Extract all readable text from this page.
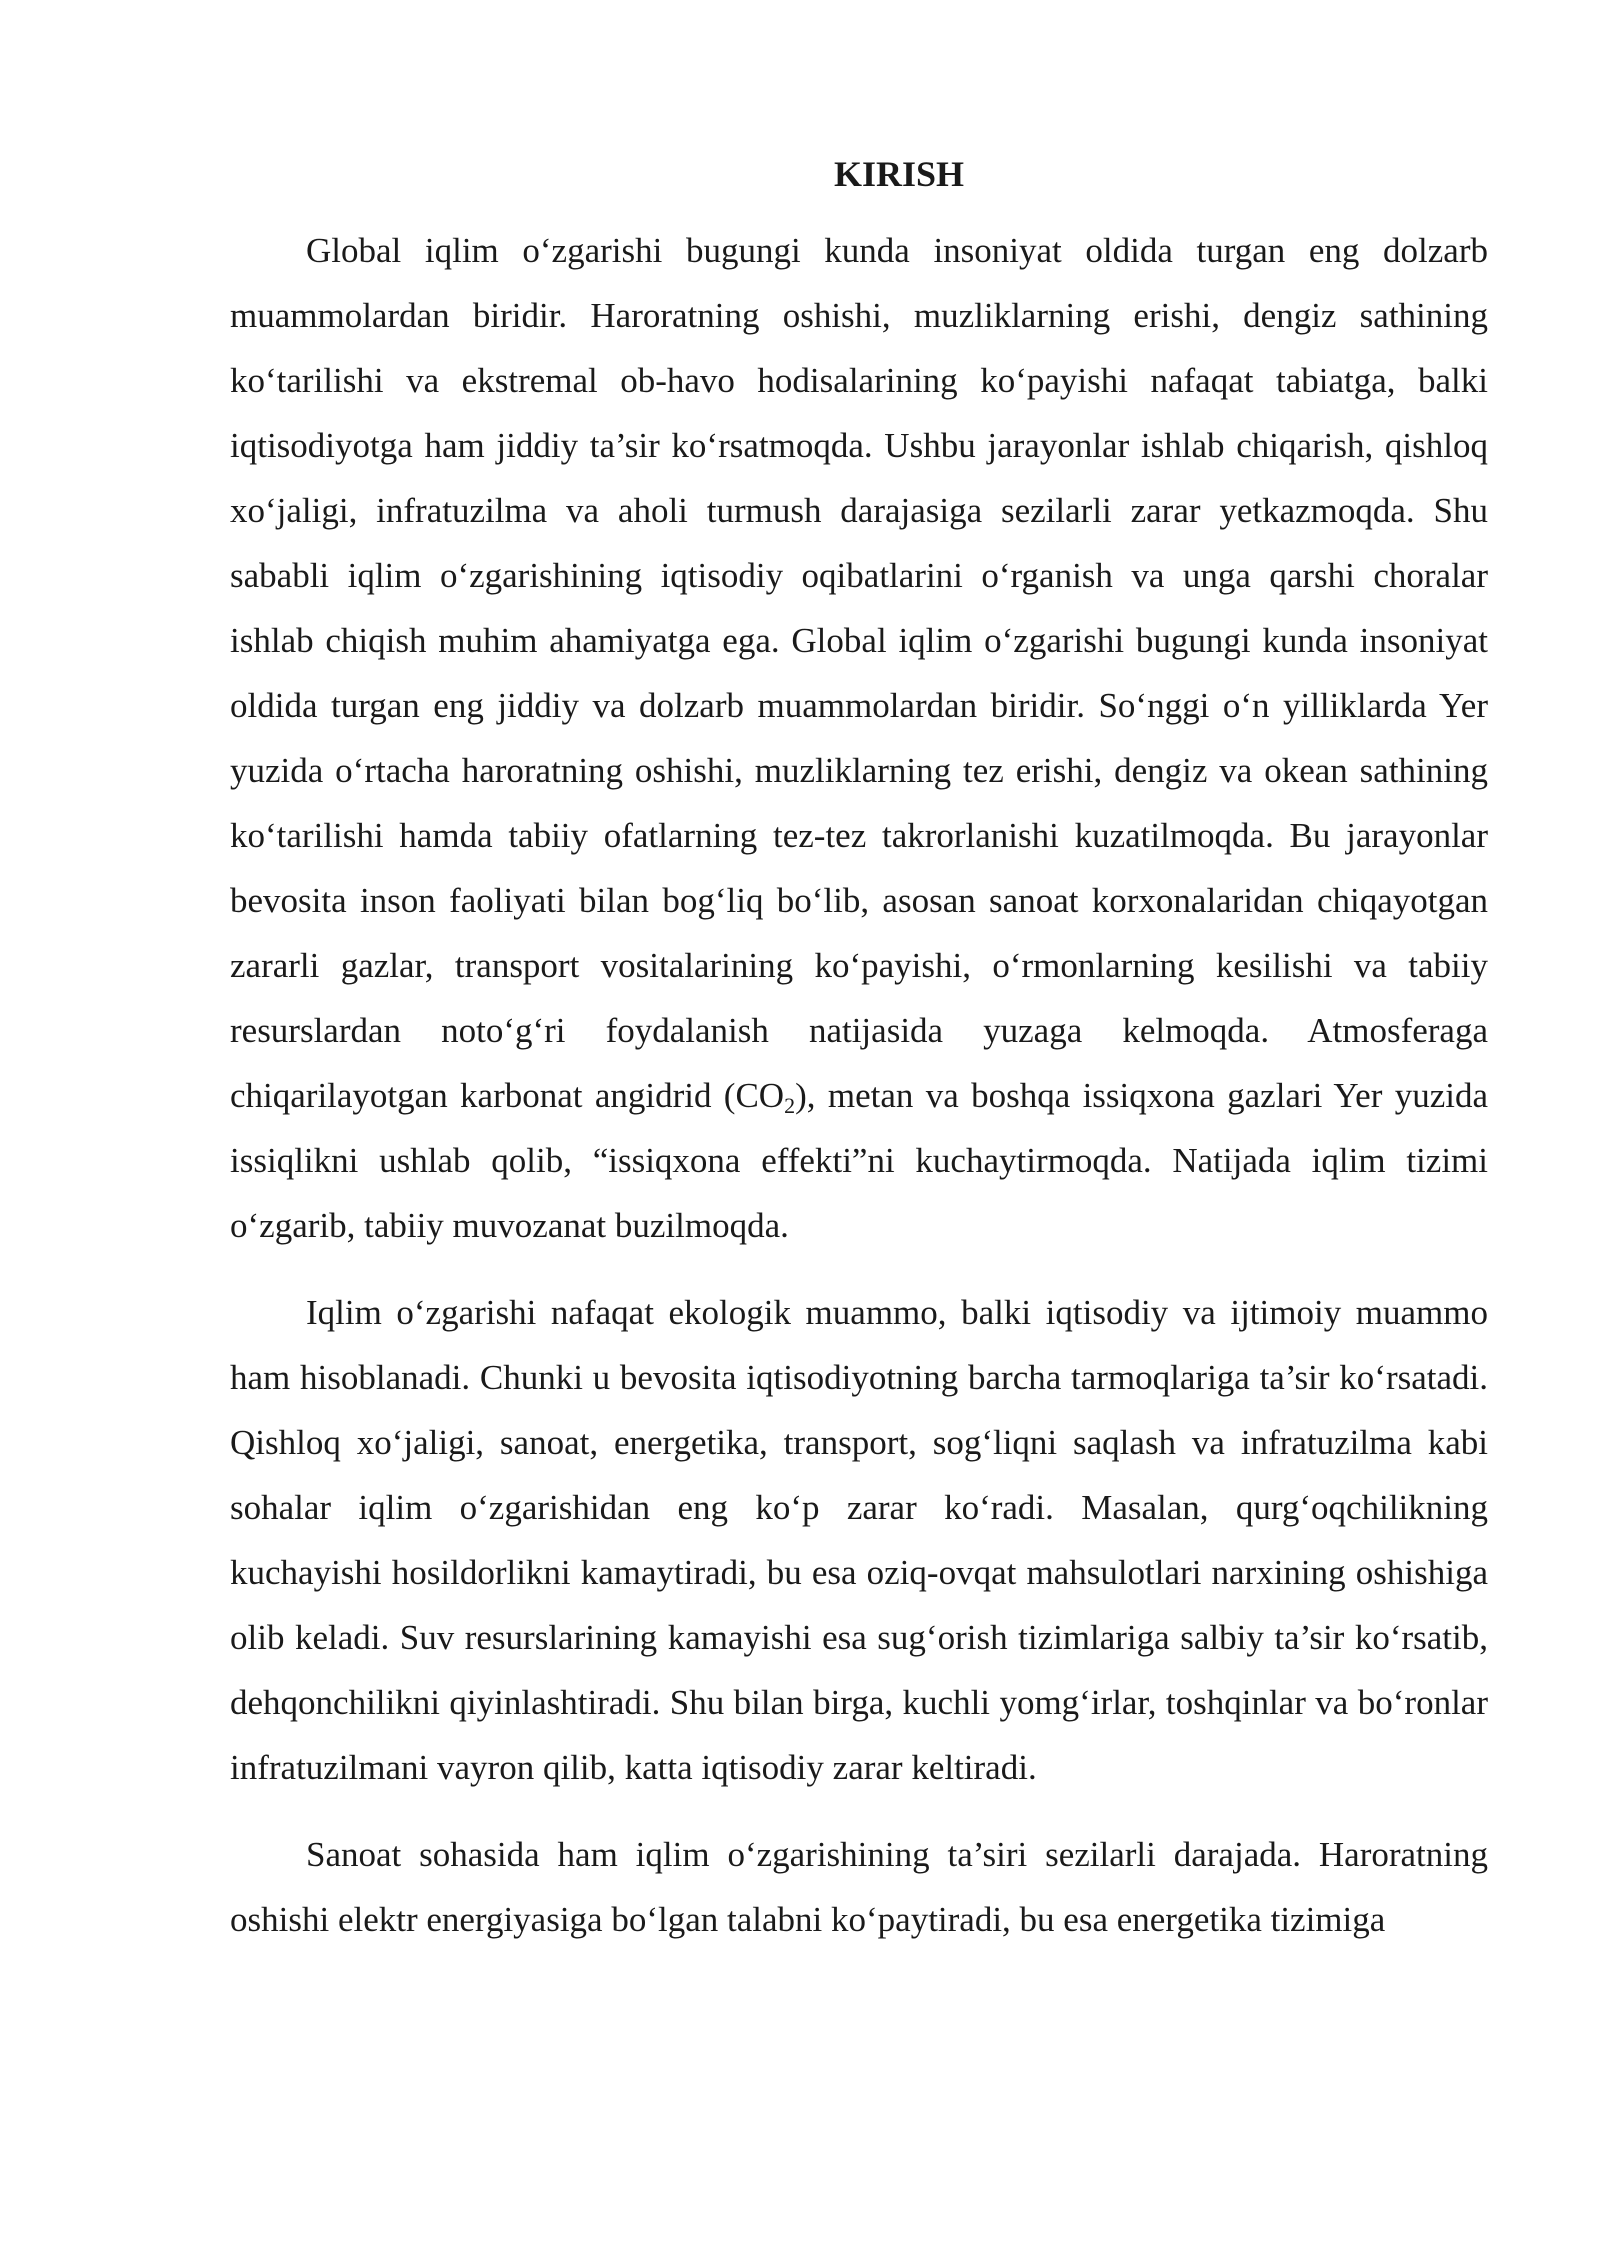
KIRISH

Global iqlim oʻzgarishi bugungi kunda insoniyat oldida turgan eng dolzarb muammolardan biridir. Haroratning oshishi, muzliklarning erishi, dengiz sathining koʻtarilishi va ekstremal ob-havo hodisalarining koʻpayishi nafaqat tabiatga, balki iqtisodiyotga ham jiddiy ta’sir koʻrsatmoqda. Ushbu jarayonlar ishlab chiqarish, qishloq xoʻjaligi, infratuzilma va aholi turmush darajasiga sezilarli zarar yetkazmoqda. Shu sababli iqlim oʻzgarishining iqtisodiy oqibatlarini oʻrganish va unga qarshi choralar ishlab chiqish muhim ahamiyatga ega. Global iqlim oʻzgarishi bugungi kunda insoniyat oldida turgan eng jiddiy va dolzarb muammolardan biridir. Soʻnggi oʻn yilliklarda Yer yuzida oʻrtacha haroratning oshishi, muzliklarning tez erishi, dengiz va okean sathining koʻtarilishi hamda tabiiy ofatlarning tez-tez takrorlanishi kuzatilmoqda. Bu jarayonlar bevosita inson faoliyati bilan bogʻliq boʻlib, asosan sanoat korxonalaridan chiqayotgan zararli gazlar, transport vositalarining koʻpayishi, oʻrmonlarning kesilishi va tabiiy resurslardan notoʻgʻri foydalanish natijasida yuzaga kelmoqda. Atmosferaga chiqarilayotgan karbonat angidrid $(CO_2)$, metan va boshqa issiqxona gazlari Yer yuzida issiqlikni ushlab qolib, “issiqxona effekti”ni kuchaytirmoqda. Natijada iqlim tizimi oʻzgarib, tabiiy muvozanat buzilmoqda.

Iqlim oʻzgarishi nafaqat ekologik muammo, balki iqtisodiy va ijtimoiy muammo ham hisoblanadi. Chunki u bevosita iqtisodiyotning barcha tarmoqlariga ta’sir koʻrsatadi. Qishloq xoʻjaligi, sanoat, energetika, transport, sogʻliqni saqlash va infratuzilma kabi sohalar iqlim oʻzgarishidan eng koʻp zarar koʻradi. Masalan, qurgʻoqchilikning kuchayishi hosildorlikni kamaytiradi, bu esa oziq-ovqat mahsulotlari narxining oshishiga olib keladi. Suv resurslarining kamayishi esa sugʻorish tizimlariga salbiy ta’sir koʻrsatib, dehqonchilikni qiyinlashtiradi. Shu bilan birga, kuchli yomgʻirlar, toshqinlar va boʻronlar infratuzilmani vayron qilib, katta iqtisodiy zarar keltiradi.

Sanoat sohasida ham iqlim oʻzgarishining ta’siri sezilarli darajada. Haroratning oshishi elektr energiyasiga boʻlgan talabni koʻpaytiradi, bu esa energetika tizimiga
